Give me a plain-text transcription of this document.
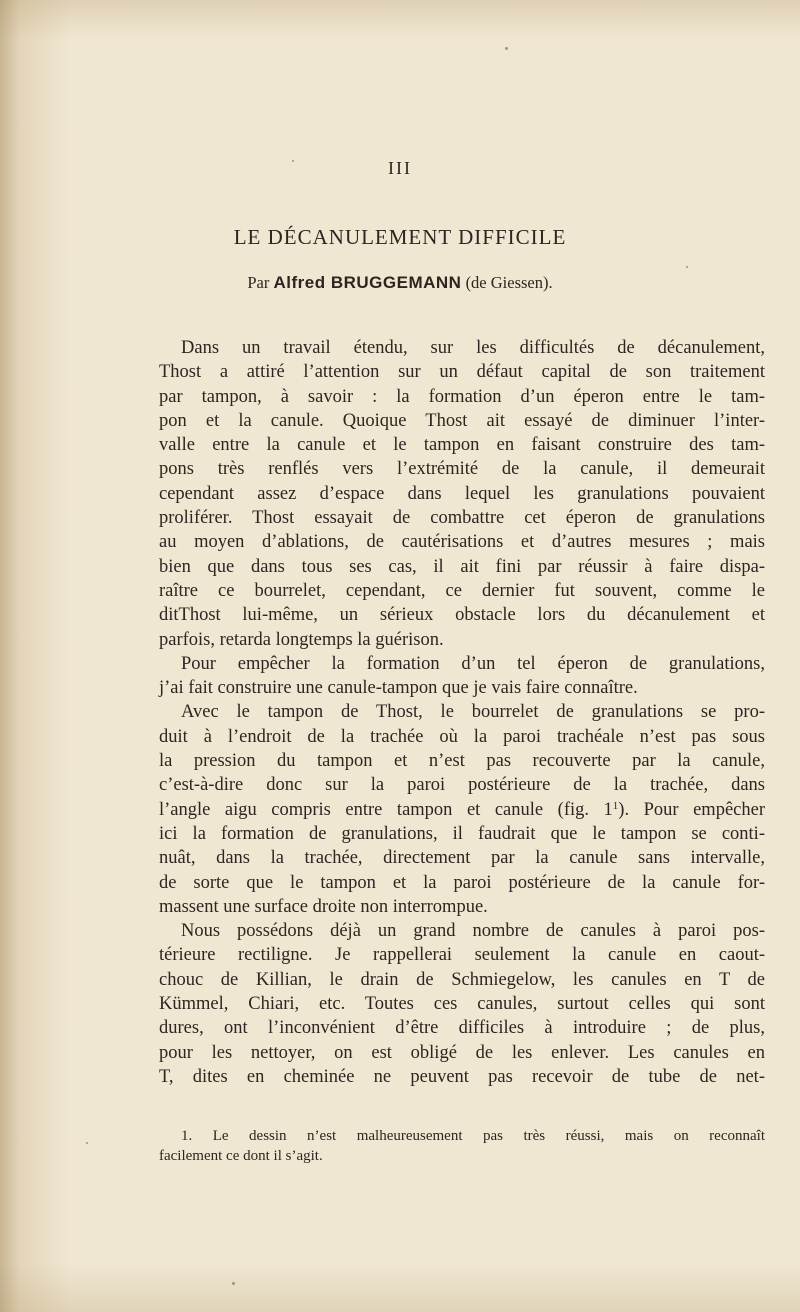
III
LE DÉCANULEMENT DIFFICILE
Par Alfred BRUGGEMANN (de Giessen).
Dans un travail étendu, sur les difficultés de décanulement,
Thost a attiré l’attention sur un défaut capital de son traitement
par tampon, à savoir : la formation d’un éperon entre le tam-
pon et la canule. Quoique Thost ait essayé de diminuer l’inter-
valle entre la canule et le tampon en faisant construire des tam-
pons très renflés vers l’extrémité de la canule, il demeurait
cependant assez d’espace dans lequel les granulations pouvaient
proliférer. Thost essayait de combattre cet éperon de granulations
au moyen d’ablations, de cautérisations et d’autres mesures ; mais
bien que dans tous ses cas, il ait fini par réussir à faire dispa-
raître ce bourrelet, cependant, ce dernier fut souvent, comme le
ditThost lui-même, un sérieux obstacle lors du décanulement et
parfois, retarda longtemps la guérison.
Pour empêcher la formation d’un tel éperon de granulations,
j’ai fait construire une canule-tampon que je vais faire connaître.
Avec le tampon de Thost, le bourrelet de granulations se pro-
duit à l’endroit de la trachée où la paroi trachéale n’est pas sous
la pression du tampon et n’est pas recouverte par la canule,
c’est-à-dire donc sur la paroi postérieure de la trachée, dans
l’angle aigu compris entre tampon et canule (fig. $1^1$). Pour empêcher
ici la formation de granulations, il faudrait que le tampon se conti-
nuât, dans la trachée, directement par la canule sans intervalle,
de sorte que le tampon et la paroi postérieure de la canule for-
massent une surface droite non interrompue.
Nous possédons déjà un grand nombre de canules à paroi pos-
térieure rectiligne. Je rappellerai seulement la canule en caout-
chouc de Killian, le drain de Schmiegelow, les canules en T de
Kümmel, Chiari, etc. Toutes ces canules, surtout celles qui sont
dures, ont l’inconvénient d’être difficiles à introduire ; de plus,
pour les nettoyer, on est obligé de les enlever. Les canules en
T, dites en cheminée ne peuvent pas recevoir de tube de net-
1. Le dessin n’est malheureusement pas très réussi, mais on reconnaît
facilement ce dont il s’agit.
